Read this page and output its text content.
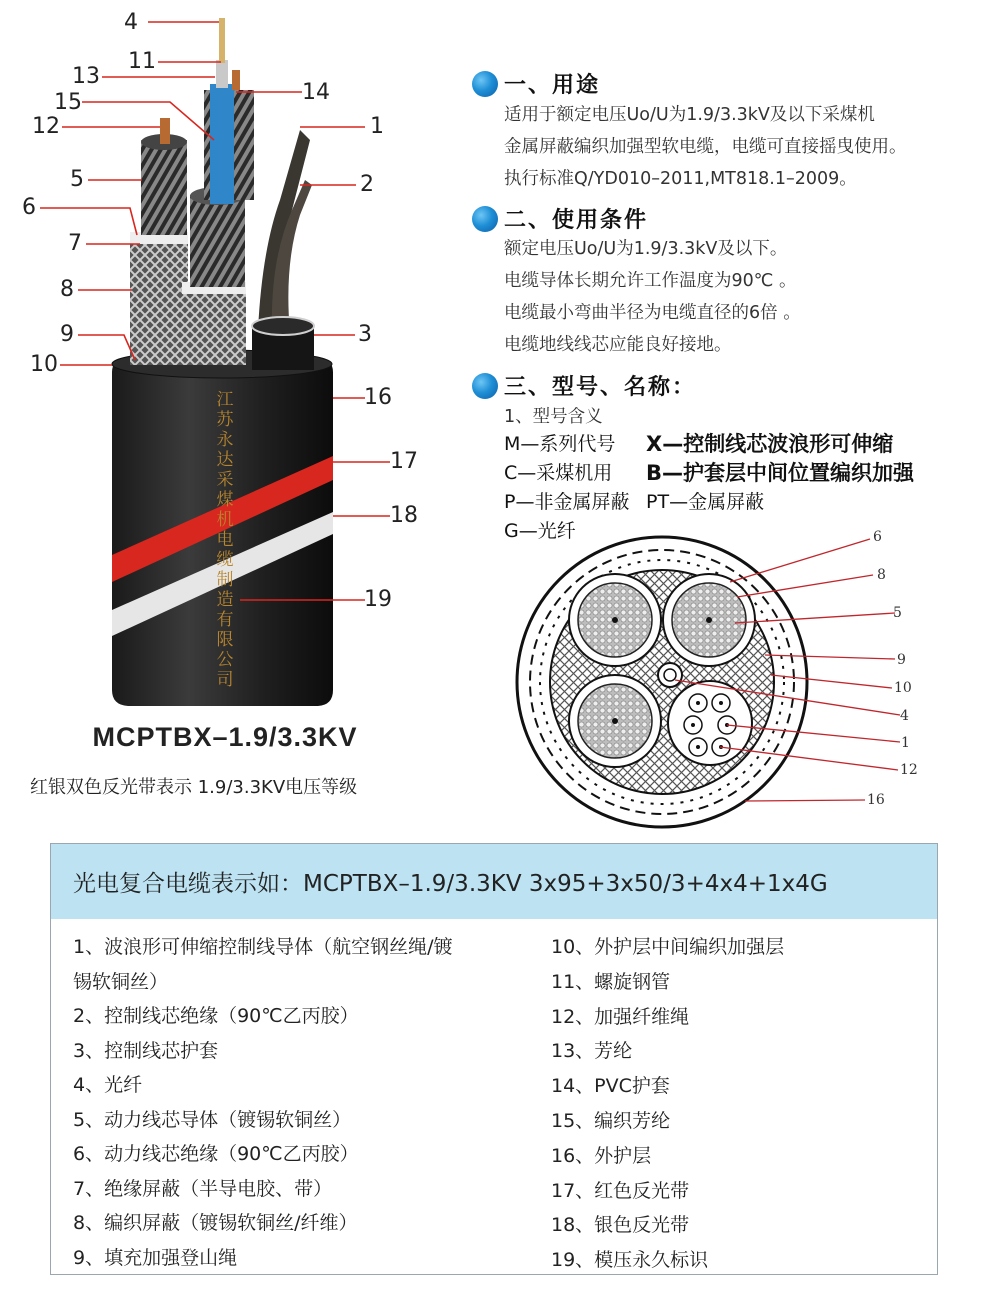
江苏永达采煤机电缆制造有限公司
4
11
13
15
12
5
6
7
8
9
10
14
1
2
3
16
17
18
19
MCPTBX–1.9/3.3KV
红银双色反光带表示 1.9/3.3KV电压等级
一、用途
适用于额定电压Uo/U为1.9/3.3kV及以下采煤机
金属屏蔽编织加强型软电缆，电缆可直接摇曳使用。
执行标准Q/YD010–2011,MT818.1–2009。
二、使用条件
额定电压Uo/U为1.9/3.3kV及以下。
电缆导体长期允许工作温度为90℃ 。
电缆最小弯曲半径为电缆直径的6倍 。
电缆地线线芯应能良好接地。
三、型号、名称：
1、型号含义
M—系列代号	X—控制线芯波浪形可伸缩
C—采煤机用	B—护套层中间位置编织加强
P—非金属屏蔽 PT—金属屏蔽
G—光纤	6
8
5
9
10
4
1
12
16
光电复合电缆表示如：MCPTBX–1.9/3.3KV 3x95+3x50/3+4x4+1x4G
1、波浪形可伸缩控制线导体（航空钢丝绳/镀
锡软铜丝）
2、控制线芯绝缘（90℃乙丙胶）
3、控制线芯护套
4、光纤
5、动力线芯导体（镀锡软铜丝）
6、动力线芯绝缘（90℃乙丙胶）
7、绝缘屏蔽（半导电胶、带）
8、编织屏蔽（镀锡软铜丝/纤维）
9、填充加强登山绳
10、外护层中间编织加强层
11、螺旋钢管
12、加强纤维绳
13、芳纶
14、PVC护套
15、编织芳纶
16、外护层
17、红色反光带
18、银色反光带
19、模压永久标识
